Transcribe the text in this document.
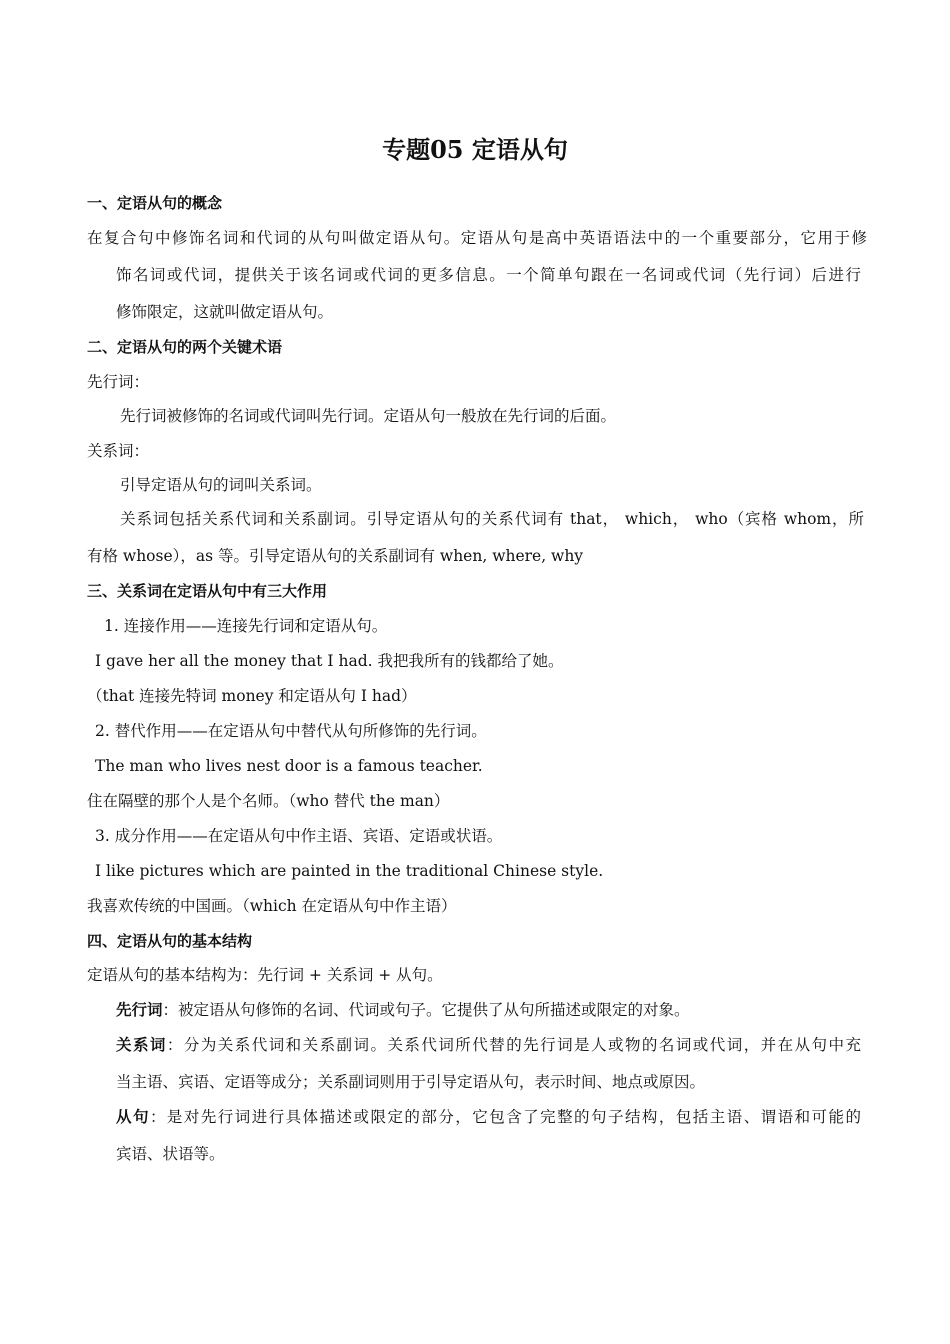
专题05 定语从句
一、定语从句的概念
在复合句中修饰名词和代词的从句叫做定语从句。定语从句是高中英语语法中的一个重要部分，它用于修
饰名词或代词，提供关于该名词或代词的更多信息。一个简单句跟在一名词或代词（先行词）后进行
修饰限定，这就叫做定语从句。
二、定语从句的两个关键术语
先行词：
先行词被修饰的名词或代词叫先行词。定语从句一般放在先行词的后面。
关系词：
引导定语从句的词叫关系词。
关系词包括关系代词和关系副词。引导定语从句的关系代词有 that， which， who（宾格 whom，所
有格 whose），as 等。引导定语从句的关系副词有 when, where, why
三、关系词在定语从句中有三大作用
1. 连接作用——连接先行词和定语从句。
I gave her all the money that I had. 我把我所有的钱都给了她。
（that 连接先特词 money 和定语从句 I had）
2. 替代作用——在定语从句中替代从句所修饰的先行词。
The man who lives nest door is a famous teacher.
住在隔壁的那个人是个名师。（who 替代 the man）
3. 成分作用——在定语从句中作主语、宾语、定语或状语。
I like pictures which are painted in the traditional Chinese style.
我喜欢传统的中国画。（which 在定语从句中作主语）
四、定语从句的基本结构
定语从句的基本结构为：先行词 + 关系词 + 从句。
先行词：被定语从句修饰的名词、代词或句子。它提供了从句所描述或限定的对象。
关系词：分为关系代词和关系副词。关系代词所代替的先行词是人或物的名词或代词，并在从句中充
当主语、宾语、定语等成分；关系副词则用于引导定语从句，表示时间、地点或原因。
从句：是对先行词进行具体描述或限定的部分，它包含了完整的句子结构，包括主语、谓语和可能的
宾语、状语等。
